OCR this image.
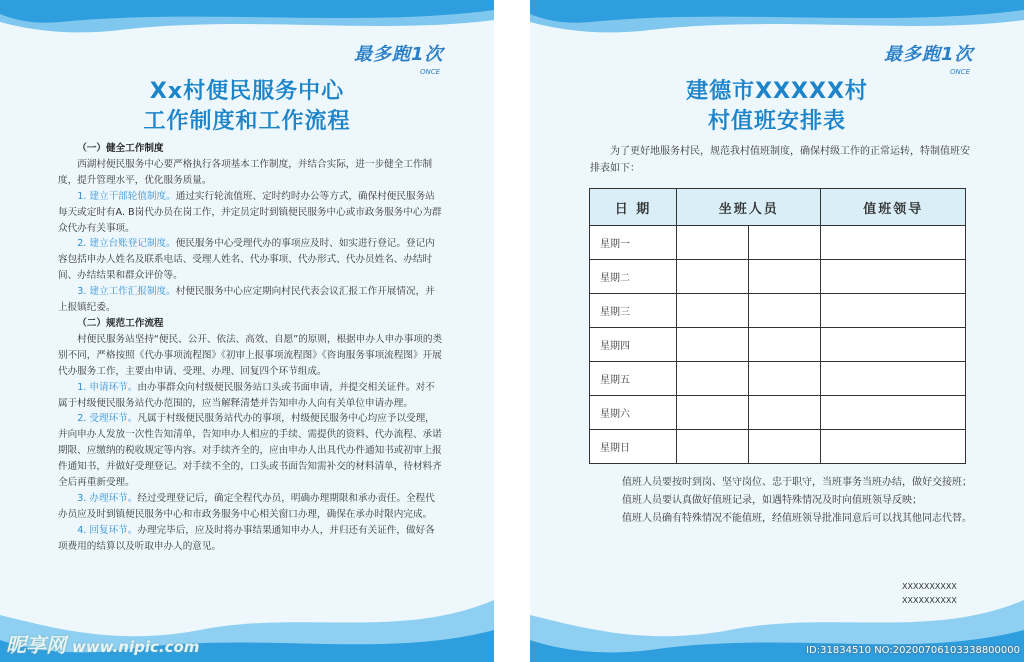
最多跑1次
ONCE
Xx村便民服务中心
工作制度和工作流程

（一）健全工作制度

西湖村便民服务中心要严格执行各项基本工作制度，并结合实际，进一步健全工作制度，提升管理水平，优化服务质量。

1. 建立干部轮值制度。通过实行轮流值班、定时约时办公等方式，确保村便民服务站每天或定时有A. B岗代办员在岗工作，并定员定时到镇便民服务中心或市政务服务中心为群众代办有关事项。

2. 建立台账登记制度。便民服务中心受理代办的事项应及时、如实进行登记。登记内容包括申办人姓名及联系电话、受理人姓名、代办事项、代办形式、代办员姓名、办结时间、办结结果和群众评价等。

3. 建立工作汇报制度。村便民服务中心应定期向村民代表会议汇报工作开展情况，并上报镇纪委。

（二）规范工作流程

村便民服务站坚持“便民、公开、依法、高效、自愿”的原则，根据申办人申办事项的类别不同，严格按照《代办事项流程图》《初审上报事项流程图》《咨询服务事项流程图》开展代办服务工作，主要由申请、受理、办理、回复四个环节组成。

1. 申请环节。由办事群众向村级便民服务站口头或书面申请，并提交相关证件。对不属于村级便民服务站代办范围的，应当解释清楚并告知申办人向有关单位申请办理。

2. 受理环节。凡属于村级便民服务站代办的事项，村级便民服务中心均应予以受理，并向申办人发放一次性告知清单，告知申办人相应的手续、需提供的资料、代办流程、承诺期限、应缴纳的税收规定等内容。对手续齐全的，应由申办人出具代办件通知书或初审上报件通知书，并做好受理登记。对手续不全的，口头或书面告知需补交的材料清单，待材料齐全后再重新受理。

3. 办理环节。经过受理登记后，确定全程代办员，明确办理期限和承办责任。全程代办员应及时到镇便民服务中心和市政务服务中心相关窗口办理，确保在承办时限内完成。

4. 回复环节。办理完毕后，应及时将办事结果通知申办人，并归还有关证件，做好各项费用的结算以及听取申办人的意见。

最多跑1次
ONCE
建德市XXXXX村
村值班安排表

为了更好地服务村民，规范我村值班制度，确保村级工作的正常运转，特制值班安排表如下：

日 期	坐班人员		值班领导
星期一			
星期二			
星期三			
星期四			
星期五			
星期六			
星期日			

值班人员要按时到岗、坚守岗位、忠于职守，当班事务当班办结，做好交接班；

值班人员要认真做好值班记录，如遇特殊情况及时向值班领导反映；

值班人员确有特殊情况不能值班，经值班领导批准同意后可以找其他同志代替。

XXXXXXXXXX
XXXXXXXXXX
昵享网 www.nipic.com	ID:31834510 NO:20200706103338800000
